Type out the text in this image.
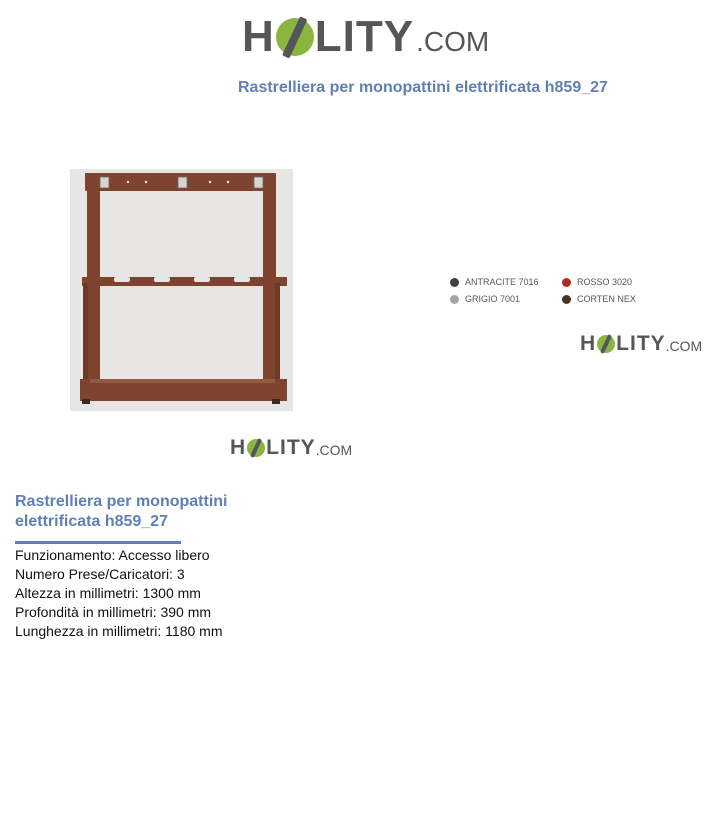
H LITY .COM
Rastrelliera per monopattini elettrificata h859_27
H LITY .COM
ANTRACITE 7016	ROSSO 3020
GRIGIO 7001	CORTEN NEX
H LITY .COM
Rastrelliera per monopattini elettrificata h859_27
Funzionamento: Accesso libero
Numero Prese/Caricatori: 3
Altezza in millimetri: 1300 mm
Profondità in millimetri: 390 mm
Lunghezza in millimetri: 1180 mm
